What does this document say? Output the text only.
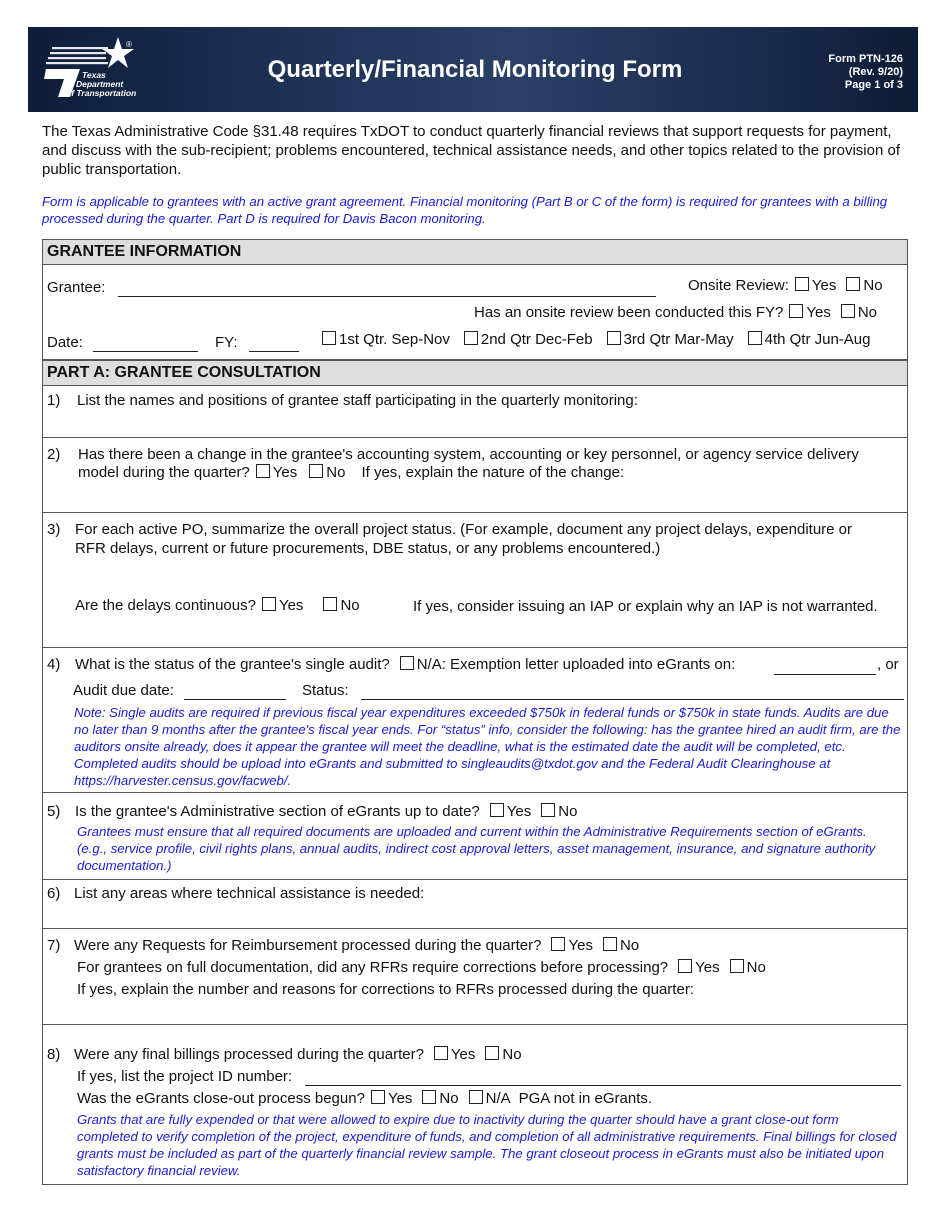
®
Texas
Department
of Transportation
Quarterly/Financial Monitoring Form	Form PTN-126
(Rev. 9/20)
Page 1 of 3
The Texas Administrative Code §31.48 requires TxDOT to conduct quarterly financial reviews that support requests for payment, and discuss with the sub-recipient; problems encountered, technical assistance needs, and other topics related to the provision of public transportation.
Form is applicable to grantees with an active grant agreement. Financial monitoring (Part B or C of the form) is required for grantees with a billing processed during the quarter. Part D is required for Davis Bacon monitoring.
GRANTEE INFORMATION
Grantee:	Onsite Review: Yes No
Has an onsite review been conducted this FY? Yes No
Date:	FY:	1st Qtr. Sep-Nov 2nd Qtr Dec-Feb 3rd Qtr Mar-May 4th Qtr Jun-Aug
PART A: GRANTEE CONSULTATION
1) List the names and positions of grantee staff participating in the quarterly monitoring:
2) Has there been a change in the grantee's accounting system, accounting or key personnel, or agency service delivery
model during the quarter? Yes No If yes, explain the nature of the change:
3) For each active PO, summarize the overall project status. (For example, document any project delays, expenditure or
RFR delays, current or future procurements, DBE status, or any problems encountered.)
Are the delays continuous? Yes No	If yes, consider issuing an IAP or explain why an IAP is not warranted.
4) What is the status of the grantee's single audit? N/A: Exemption letter uploaded into eGrants on:	, or
Audit due date:	Status:
Note: Single audits are required if previous fiscal year expenditures exceeded $750k in federal funds or $750k in state funds. Audits are due no later than 9 months after the grantee's fiscal year ends. For “status” info, consider the following: has the grantee hired an audit firm, are the auditors onsite already, does it appear the grantee will meet the deadline, what is the estimated date the audit will be completed, etc. Completed audits should be upload into eGrants and submitted to singleaudits@txdot.gov and the Federal Audit Clearinghouse at https://harvester.census.gov/facweb/.
5) Is the grantee's Administrative section of eGrants up to date? Yes No
Grantees must ensure that all required documents are uploaded and current within the Administrative Requirements section of eGrants. (e.g., service profile, civil rights plans, annual audits, indirect cost approval letters, asset management, insurance, and signature authority documentation.)
6) List any areas where technical assistance is needed:
7) Were any Requests for Reimbursement processed during the quarter? Yes No
For grantees on full documentation, did any RFRs require corrections before processing? Yes No
If yes, explain the number and reasons for corrections to RFRs processed during the quarter:
8) Were any final billings processed during the quarter? Yes No
If yes, list the project ID number:
Was the eGrants close-out process begun? Yes No N/A PGA not in eGrants.
Grants that are fully expended or that were allowed to expire due to inactivity during the quarter should have a grant close-out form completed to verify completion of the project, expenditure of funds, and completion of all administrative requirements. Final billings for closed grants must be included as part of the quarterly financial review sample. The grant closeout process in eGrants must also be initiated upon satisfactory financial review.
